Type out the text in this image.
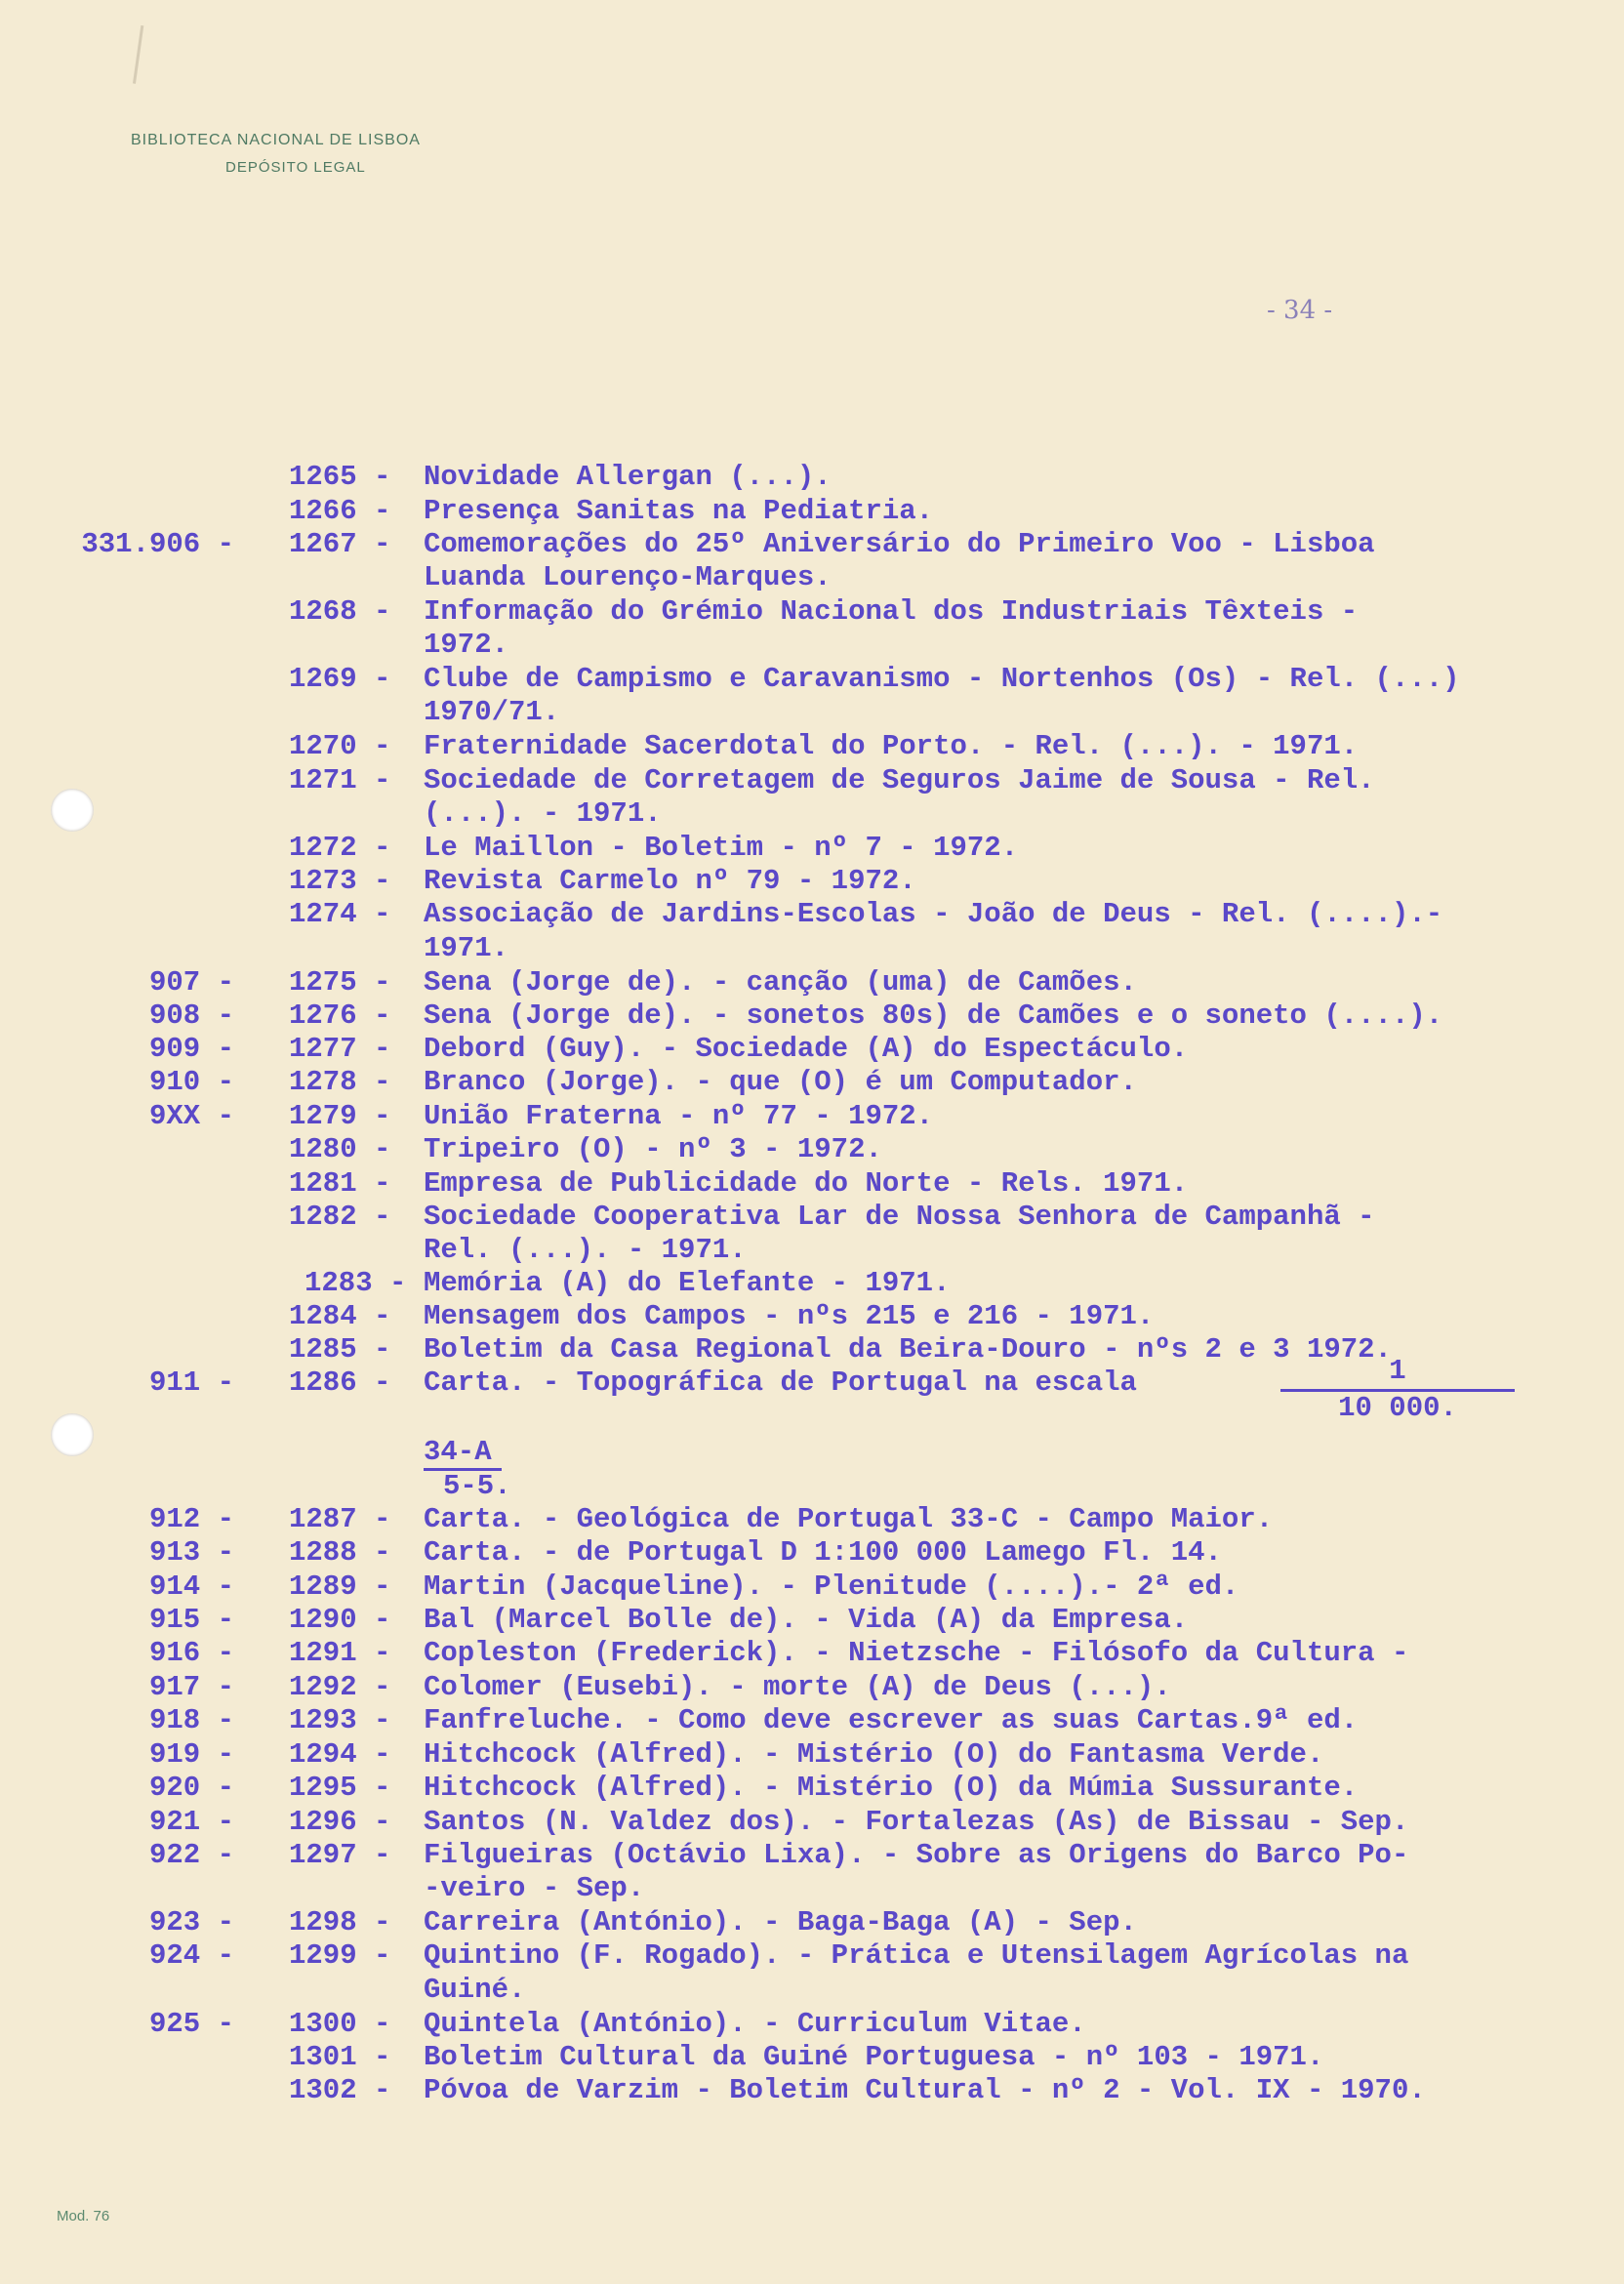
BIBLIOTECA NACIONAL DE LISBOA
DEPÓSITO LEGAL
- 34 -
1265 - Novidade Allergan (...).
1266 - Presença Sanitas na Pediatria.
331.906 - 1267 - Comemorações do 25º Aniversário do Primeiro Voo - Lisboa
Luanda Lourenço-Marques.
1268 - Informação do Grémio Nacional dos Industriais Têxteis -
1972.
1269 - Clube de Campismo e Caravanismo - Nortenhos (Os) - Rel. (...)
1970/71.
1270 - Fraternidade Sacerdotal do Porto. - Rel. (...). - 1971.
1271 - Sociedade de Corretagem de Seguros Jaime de Sousa - Rel.
(...). - 1971.
1272 - Le Maillon - Boletim - nº 7 - 1972.
1273 - Revista Carmelo nº 79 - 1972.
1274 - Associação de Jardins-Escolas - João de Deus - Rel. (....).-
1971.
907 - 1275 - Sena (Jorge de). - canção (uma) de Camões.
908 - 1276 - Sena (Jorge de). - sonetos 80s) de Camões e o soneto (....).
909 - 1277 - Debord (Guy). - Sociedade (A) do Espectáculo.
910 - 1278 - Branco (Jorge). - que (O) é um Computador.
9XX - 1279 - União Fraterna - nº 77 - 1972.
1280 - Tripeiro (O) - nº 3 - 1972.
1281 - Empresa de Publicidade do Norte - Rels. 1971.
1282 - Sociedade Cooperativa Lar de Nossa Senhora de Campanhã -
Rel. (...). - 1971.
1283 - Memória (A) do Elefante - 1971.
1284 - Mensagem dos Campos - nºs 215 e 216 - 1971.
1285 - Boletim da Casa Regional da Beira-Douro - nºs 2 e 3 1972.
911 - 1286 - Carta. - Topográfica de Portugal na escala
912 - 1287 - Carta. - Geológica de Portugal 33-C - Campo Maior.
913 - 1288 - Carta. - de Portugal D 1:100 000 Lamego Fl. 14.
914 - 1289 - Martin (Jacqueline). - Plenitude (....).- 2ª ed.
915 - 1290 - Bal (Marcel Bolle de). - Vida (A) da Empresa.
916 - 1291 - Copleston (Frederick). - Nietzsche - Filósofo da Cultura -
917 - 1292 - Colomer (Eusebi). - morte (A) de Deus (...).
918 - 1293 - Fanfreluche. - Como deve escrever as suas Cartas.9ª ed.
919 - 1294 - Hitchcock (Alfred). - Mistério (O) do Fantasma Verde.
920 - 1295 - Hitchcock (Alfred). - Mistério (O) da Múmia Sussurante.
921 - 1296 - Santos (N. Valdez dos). - Fortalezas (As) de Bissau - Sep.
922 - 1297 - Filgueiras (Octávio Lixa). - Sobre as Origens do Barco Po-
-veiro - Sep.
923 - 1298 - Carreira (António). - Baga-Baga (A) - Sep.
924 - 1299 - Quintino (F. Rogado). - Prática e Utensilagem Agrícolas na
Guiné.
925 - 1300 - Quintela (António). - Curriculum Vitae.
1301 - Boletim Cultural da Guiné Portuguesa - nº 103 - 1971.
1302 - Póvoa de Varzim - Boletim Cultural - nº 2 - Vol. IX - 1970.
$\frac{1}{10 000.}$
34-A
5-5.
Mod. 76
